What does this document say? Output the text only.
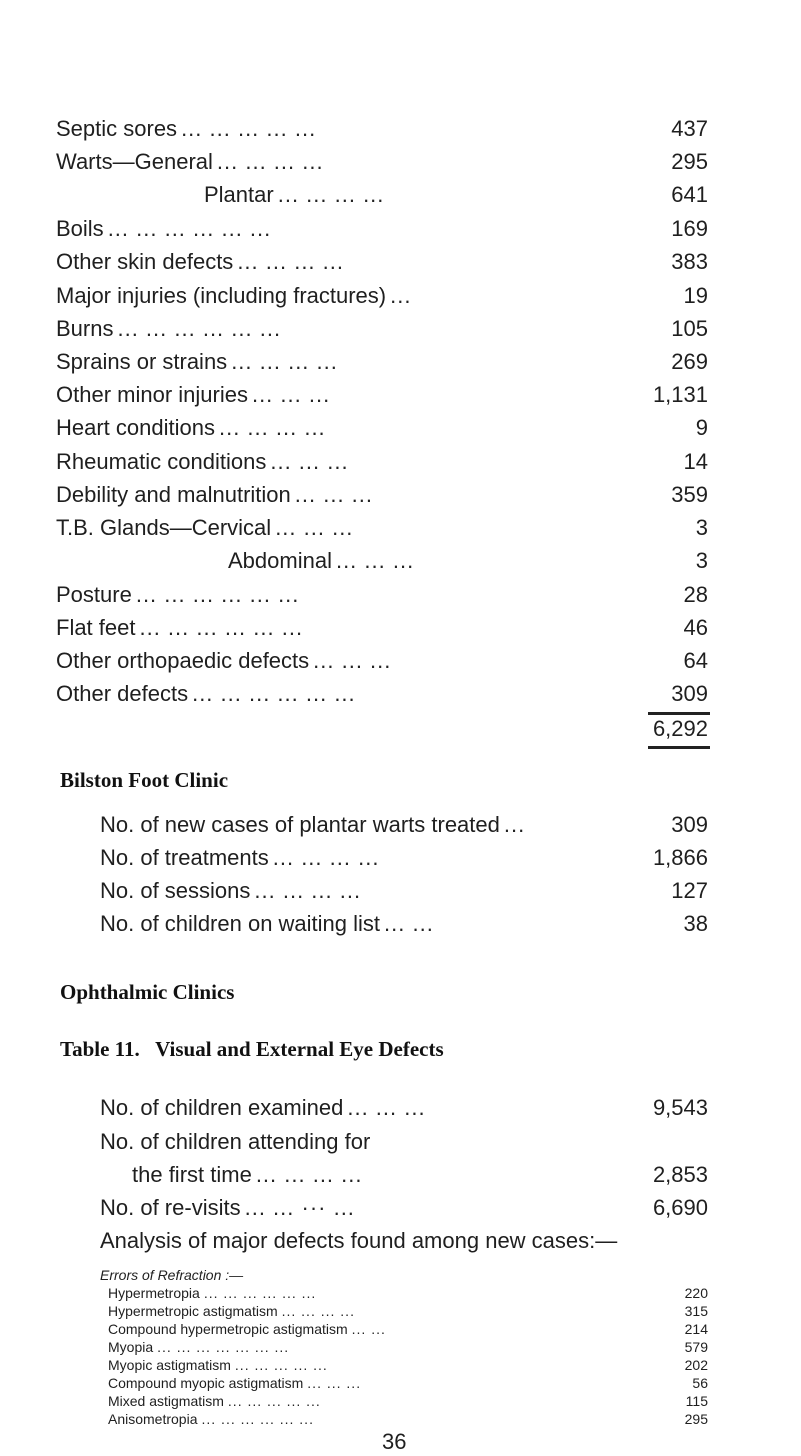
Septic sores ... ... ... ... ...	437
Warts—General ... ... ... ...	295
Plantar ... ... ... ...	641
Boils ... ... ... ... ... ...	169
Other skin defects ... ... ... ...	383
Major injuries (including fractures) ...	19
Burns ... ... ... ... ... ...	105
Sprains or strains ... ... ... ...	269
Other minor injuries ... ... ...	1,131
Heart conditions ... ... ... ...	9
Rheumatic conditions ... ... ...	14
Debility and malnutrition ... ... ...	359
T.B. Glands—Cervical ... ... ...	3
Abdominal ... ... ...	3
Posture ... ... ... ... ... ...	28
Flat feet ... ... ... ... ... ...	46
Other orthopaedic defects ... ... ...	64
Other defects ... ... ... ... ... ...	309
6,292
Bilston Foot Clinic
No. of new cases of plantar warts treated ...	309
No. of treatments ... ... ... ...	1,866
No. of sessions ... ... ... ...	127
No. of children on waiting list ... ...	38
Ophthalmic Clinics
Table 11.   Visual and External Eye Defects
No. of children examined ... ... ...	9,543
No. of children attending for
the first time ... ... ... ...	2,853
No. of re-visits ... ... ··· ...	6,690
Analysis of major defects found among new cases:—
Errors of Refraction :—
Hypermetropia ... ... ... ... ... ...	220
Hypermetropic astigmatism ... ... ... ...	315
Compound hypermetropic astigmatism ... ...	214
Myopia ... ... ... ... ... ... ...	579
Myopic astigmatism ... ... ... ... ...	202
Compound myopic astigmatism ... ... ...	56
Mixed astigmatism ... ... ... ... ...	115
Anisometropia ... ... ... ... ... ...	295
36
